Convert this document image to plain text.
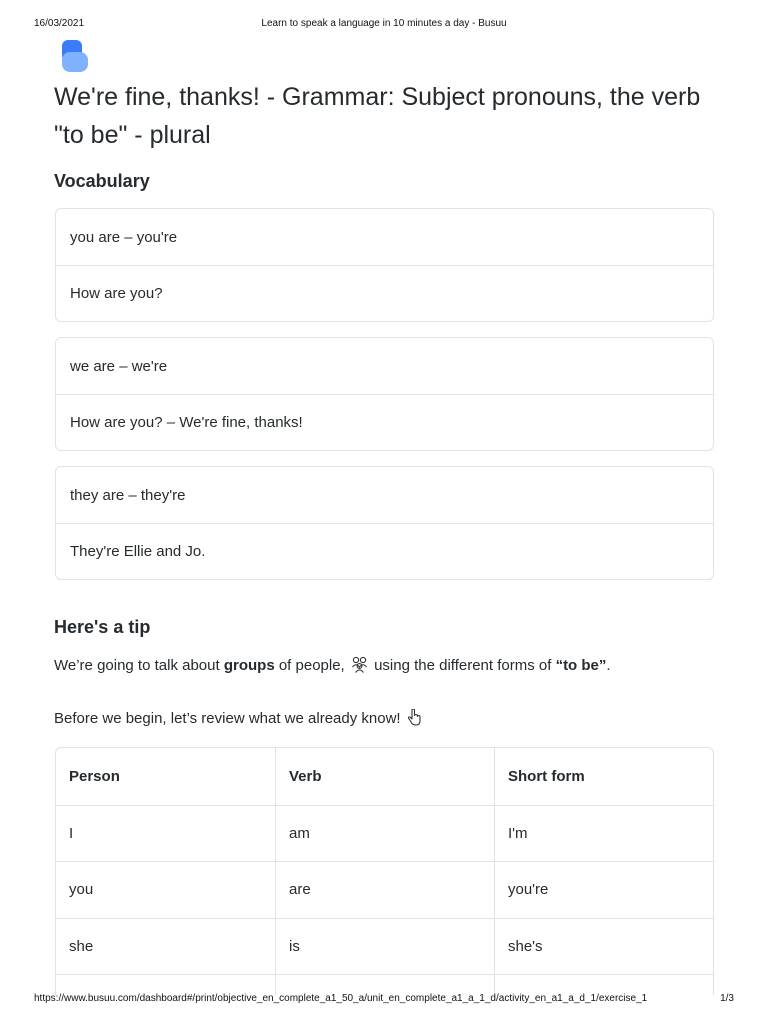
16/03/2021	Learn to speak a language in 10 minutes a day - Busuu
We're fine, thanks! - Grammar: Subject pronouns, the verb "to be" - plural
Vocabulary
you are – you're
How are you?
we are – we're
How are you? – We're fine, thanks!
they are – they're
They're Ellie and Jo.
Here's a tip

We’re going to talk about groups of people,  using the different forms of “to be”.

Before we begin, let’s review what we already know!

Person	Verb	Short form
I	am	I'm
you	are	you're
she	is	she's
https://www.busuu.com/dashboard#/print/objective_en_complete_a1_50_a/unit_en_complete_a1_a_1_d/activity_en_a1_a_d_1/exercise_1	1/3
